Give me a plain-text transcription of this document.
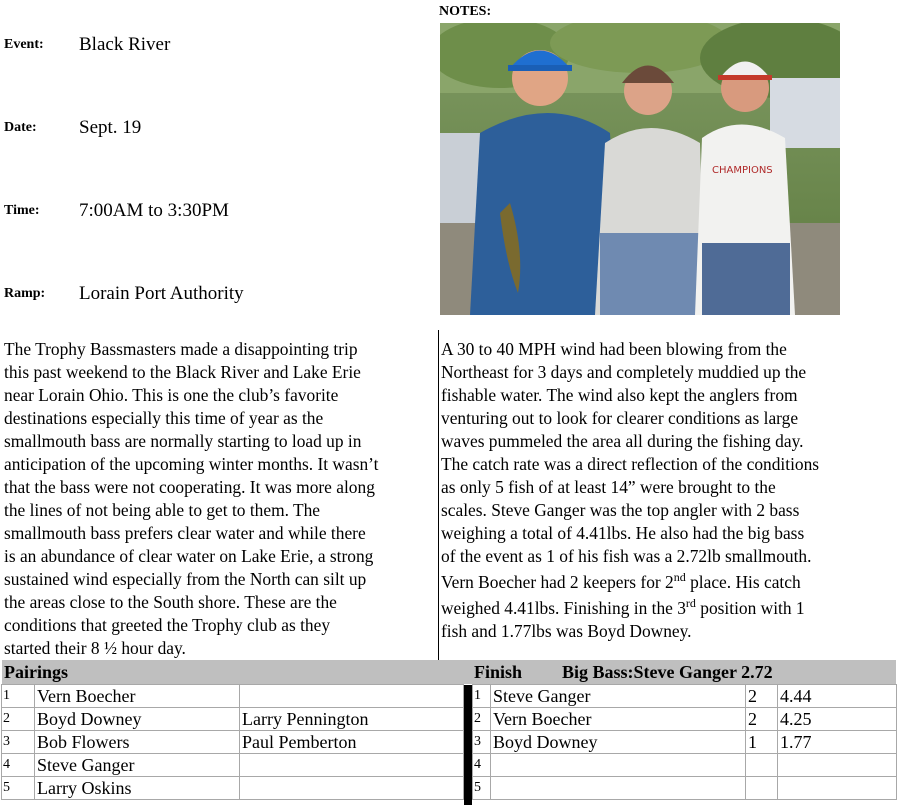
NOTES:
Event: Black River
Date: Sept. 19
Time: 7:00AM to 3:30PM
Ramp: Lorain Port Authority
CHAMPIONS
The Trophy Bassmasters made a disappointing trip
this past weekend to the Black River and Lake Erie
near Lorain Ohio. This is one the club’s favorite
destinations especially this time of year as the
smallmouth bass are normally starting to load up in
anticipation of the upcoming winter months. It wasn’t
that the bass were not cooperating. It was more along
the lines of not being able to get to them. The
smallmouth bass prefers clear water and while there
is an abundance of clear water on Lake Erie, a strong
sustained wind especially from the North can silt up
the areas close to the South shore. These are the
conditions that greeted the Trophy club as they
started their 8 ½ hour day.
A 30 to 40 MPH wind had been blowing from the
Northeast for 3 days and completely muddied up the
fishable water. The wind also kept the anglers from
venturing out to look for clearer conditions as large
waves pummeled the area all during the fishing day.
The catch rate was a direct reflection of the conditions
as only 5 fish of at least 14” were brought to the
scales. Steve Ganger was the top angler with 2 bass
weighing a total of 4.41lbs. He also had the big bass
of the event as 1 of his fish was a 2.72lb smallmouth.
Vern Boecher had 2 keepers for 2nd place. His catch
weighed 4.41lbs. Finishing in the 3rd position with 1
fish and 1.77lbs was Boyd Downey.
Pairings	Finish Big Bass:Steve Ganger 2.72
1	Vern Boecher	
2	Boyd Downey	Larry Pennington
3	Bob Flowers	Paul Pemberton
4	Steve Ganger	
5	Larry Oskins	
1	Steve Ganger	2	4.44
2	Vern Boecher	2	4.25
3	Boyd Downey	1	1.77
4			
5			
